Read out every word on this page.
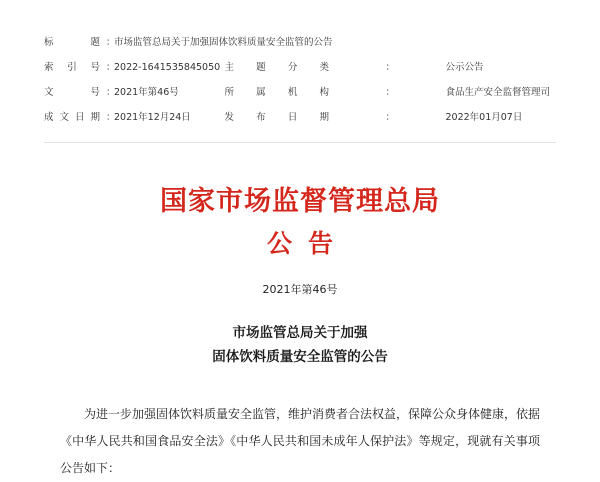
标 题	：	市场监管总局关于加强固体饮料质量安全监管的公告			
索 引 号	：	2022-1641535845050	主题分类	：	公示公告
文 号	：	2021年第46号	所属机构	：	食品生产安全监督管理司
成文日期	：	2021年12月24日	发布日期	：	2022年01月07日
国家市场监督管理总局
公告
2021年第46号
市场监管总局关于加强
固体饮料质量安全监管的公告
为进一步加强固体饮料质量安全监管，维护消费者合法权益，保障公众身体健康，依据《中华人民共和国食品安全法》《中华人民共和国未成年人保护法》等规定，现就有关事项公告如下：
